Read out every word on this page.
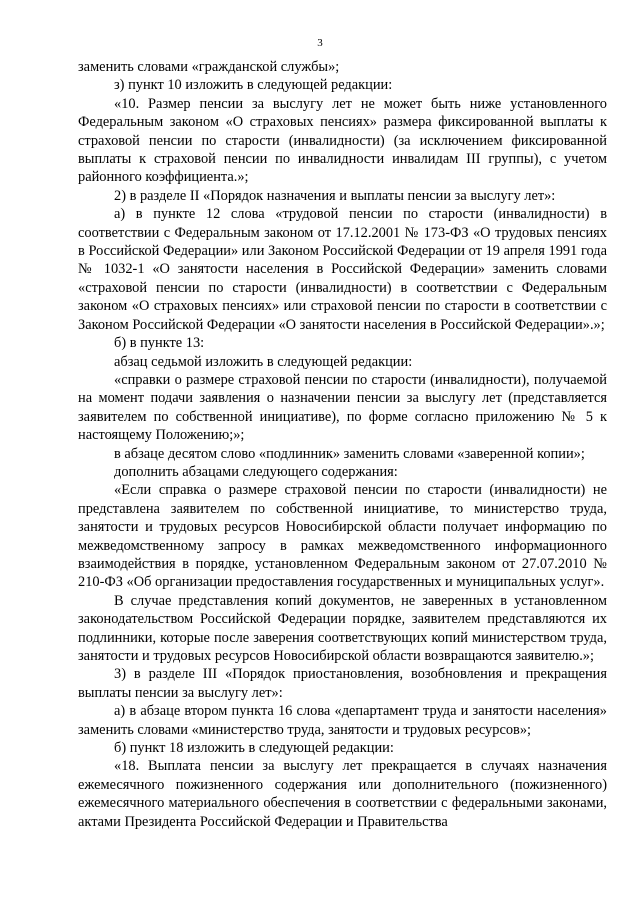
3

заменить словами «гражданской службы»;

з) пункт 10 изложить в следующей редакции:

«10. Размер пенсии за выслугу лет не может быть ниже установленного Федеральным законом «О страховых пенсиях» размера фиксированной выплаты к страховой пенсии по старости (инвалидности) (за исключением фиксированной выплаты к страховой пенсии по инвалидности инвалидам III группы), с учетом районного коэффициента.»;

2) в разделе II «Порядок назначения и выплаты пенсии за выслугу лет»:

а) в пункте 12 слова «трудовой пенсии по старости (инвалидности) в соответствии с Федеральным законом от 17.12.2001 № 173-ФЗ «О трудовых пенсиях в Российской Федерации» или Законом Российской Федерации от 19 апреля 1991 года № 1032-1 «О занятости населения в Российской Федерации» заменить словами «страховой пенсии по старости (инвалидности) в соответствии с Федеральным законом «О страховых пенсиях» или страховой пенсии по старости в соответствии с Законом Российской Федерации «О занятости населения в Российской Федерации».»;

б) в пункте 13:

абзац седьмой изложить в следующей редакции:

«справки о размере страховой пенсии по старости (инвалидности), получаемой на момент подачи заявления о назначении пенсии за выслугу лет (представляется заявителем по собственной инициативе), по форме согласно приложению № 5 к настоящему Положению;»;

в абзаце десятом слово «подлинник» заменить словами «заверенной копии»;

дополнить абзацами следующего содержания:

«Если справка о размере страховой пенсии по старости (инвалидности) не представлена заявителем по собственной инициативе, то министерство труда, занятости и трудовых ресурсов Новосибирской области получает информацию по межведомственному запросу в рамках межведомственного информационного взаимодействия в порядке, установленном Федеральным законом от 27.07.2010 № 210-ФЗ «Об организации предоставления государственных и муниципальных услуг».

В случае представления копий документов, не заверенных в установленном законодательством Российской Федерации порядке, заявителем представляются их подлинники, которые после заверения соответствующих копий министерством труда, занятости и трудовых ресурсов Новосибирской области возвращаются заявителю.»;

3) в разделе III «Порядок приостановления, возобновления и прекращения выплаты пенсии за выслугу лет»:

а) в абзаце втором пункта 16 слова «департамент труда и занятости населения» заменить словами «министерство труда, занятости и трудовых ресурсов»;

б) пункт 18 изложить в следующей редакции:

«18. Выплата пенсии за выслугу лет прекращается в случаях назначения ежемесячного пожизненного содержания или дополнительного (пожизненного) ежемесячного материального обеспечения в соответствии с федеральными законами, актами Президента Российской Федерации и Правительства
